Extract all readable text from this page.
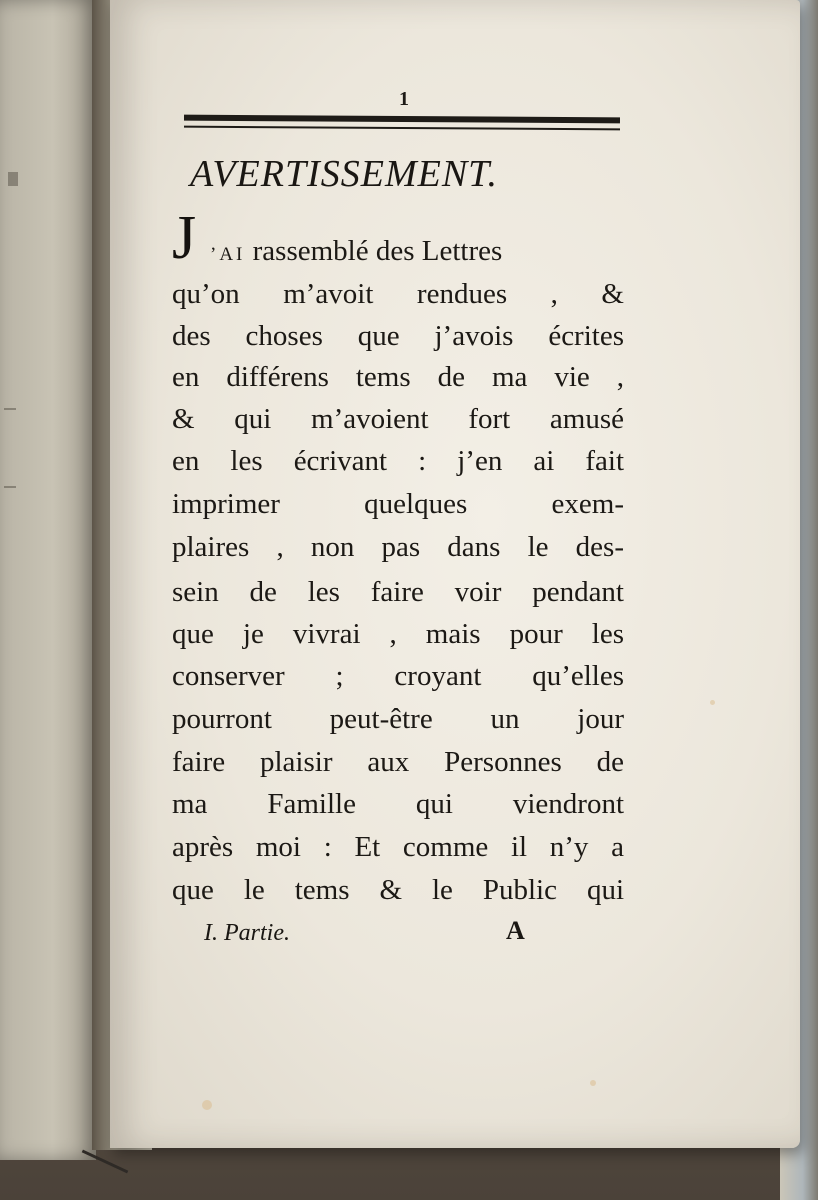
1
AVERTISSEMENT.
J ’AI rassemblé des Lettres
qu’on m’avoit rendues , &
des choses que j’avois écrites
en différens tems de ma vie ,
& qui m’avoient fort amusé
en les écrivant : j’en ai fait
imprimer quelques exem-
plaires , non pas dans le des-
sein de les faire voir pendant
que je vivrai , mais pour les
conserver ; croyant qu’elles
pourront peut-être un jour
faire plaisir aux Personnes de
ma Famille qui viendront
après moi : Et comme il n’y a
que le tems & le Public qui
I. Partie.	A
